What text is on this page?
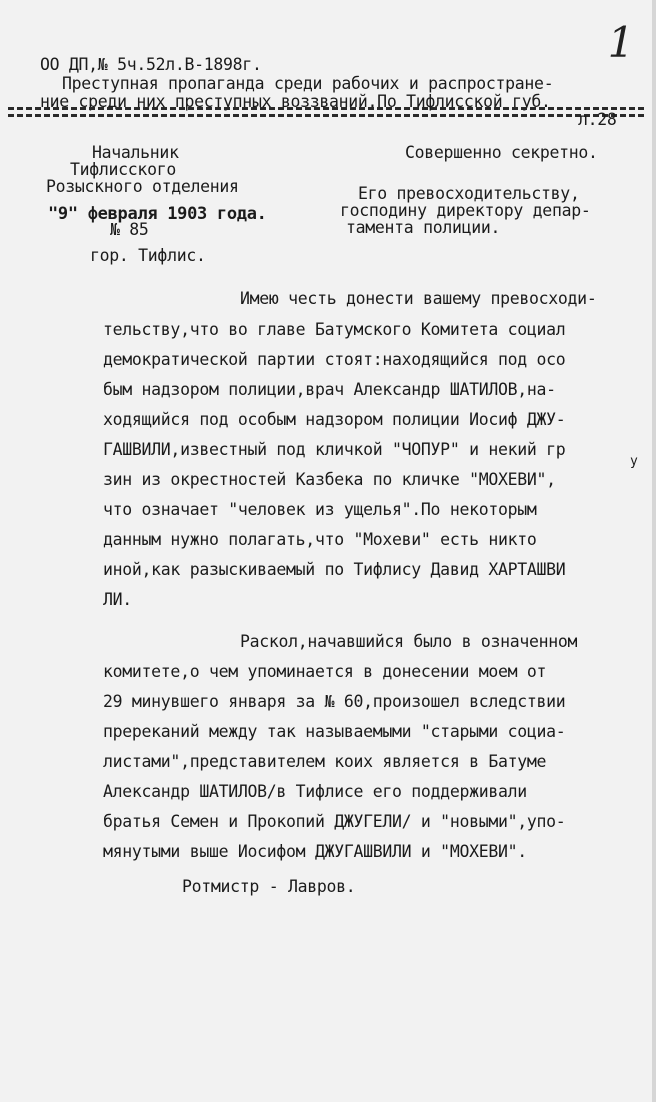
1
ОО ДП,№ 5ч.52л.В-1898г.
Преступная пропаганда среди рабочих и распростране-
ние среди них преступных воззваний.По Тифлисской губ.
л.28
Начальник
Тифлисского
Розыскного отделения
Совершенно секретно.
"9" февраля 1903 года.
№ 85
Его превосходительству,
господину директору депар-
тамента полиции.
гор. Тифлис.
Имею честь донести вашему превосходи-
тельству,что во главе Батумского Комитета социал
демократической партии стоят:находящийся под осо
бым надзором полиции,врач Александр ШАТИЛОВ,на-
ходящийся под особым надзором полиции Иосиф ДЖУ-
ГАШВИЛИ,известный под кличкой "ЧОПУР" и некий гр
у
зин из окрестностей Казбека по кличке "МОХЕВИ",
что означает "человек из ущелья".По некоторым
данным нужно полагать,что "Мохеви" есть никто
иной,как разыскиваемый по Тифлису Давид ХАРТАШВИ
ЛИ.
Раскол,начавшийся было в означенном
комитете,о чем упоминается в донесении моем от
29 минувшего января за № 60,произошел вследствии
пререканий между так называемыми "старыми социа-
листами",представителем коих является в Батуме
Александр ШАТИЛОВ/в Тифлисе его поддерживали
братья Семен и Прокопий ДЖУГЕЛИ/ и "новыми",упо-
мянутыми выше Иосифом ДЖУГАШВИЛИ и "МОХЕВИ".
Ротмистр - Лавров.
